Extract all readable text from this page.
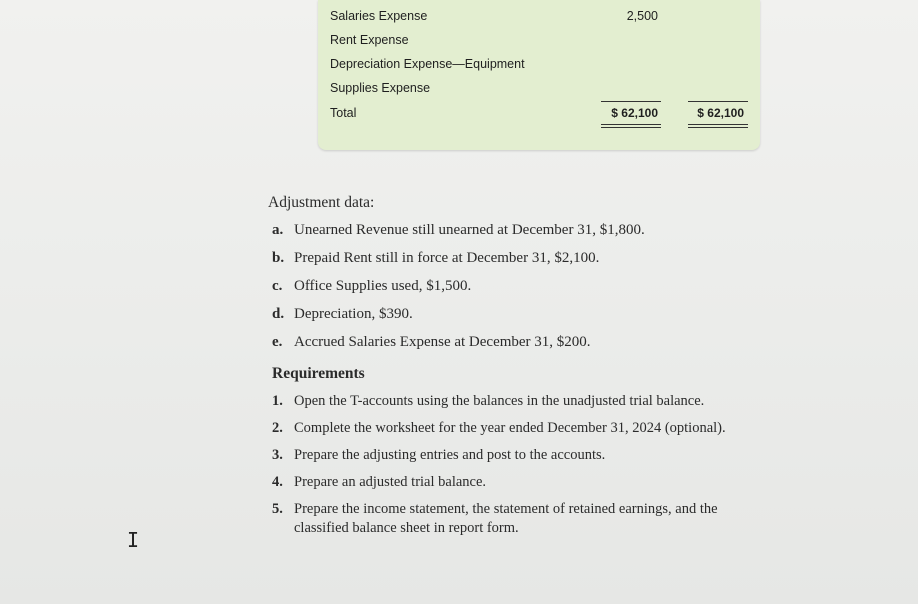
Salaries Expense	2,500
Rent Expense
Depreciation Expense—Equipment
Supplies Expense
Total	$ 62,100	$ 62,100
Adjustment data:
a. Unearned Revenue still unearned at December 31, $1,800.
b. Prepaid Rent still in force at December 31, $2,100.
c. Office Supplies used, $1,500.
d. Depreciation, $390.
e. Accrued Salaries Expense at December 31, $200.
Requirements
1. Open the T-accounts using the balances in the unadjusted trial balance.
2. Complete the worksheet for the year ended December 31, 2024 (optional).
3. Prepare the adjusting entries and post to the accounts.
4. Prepare an adjusted trial balance.
5. Prepare the income statement, the statement of retained earnings, and the
classified balance sheet in report form.
I
